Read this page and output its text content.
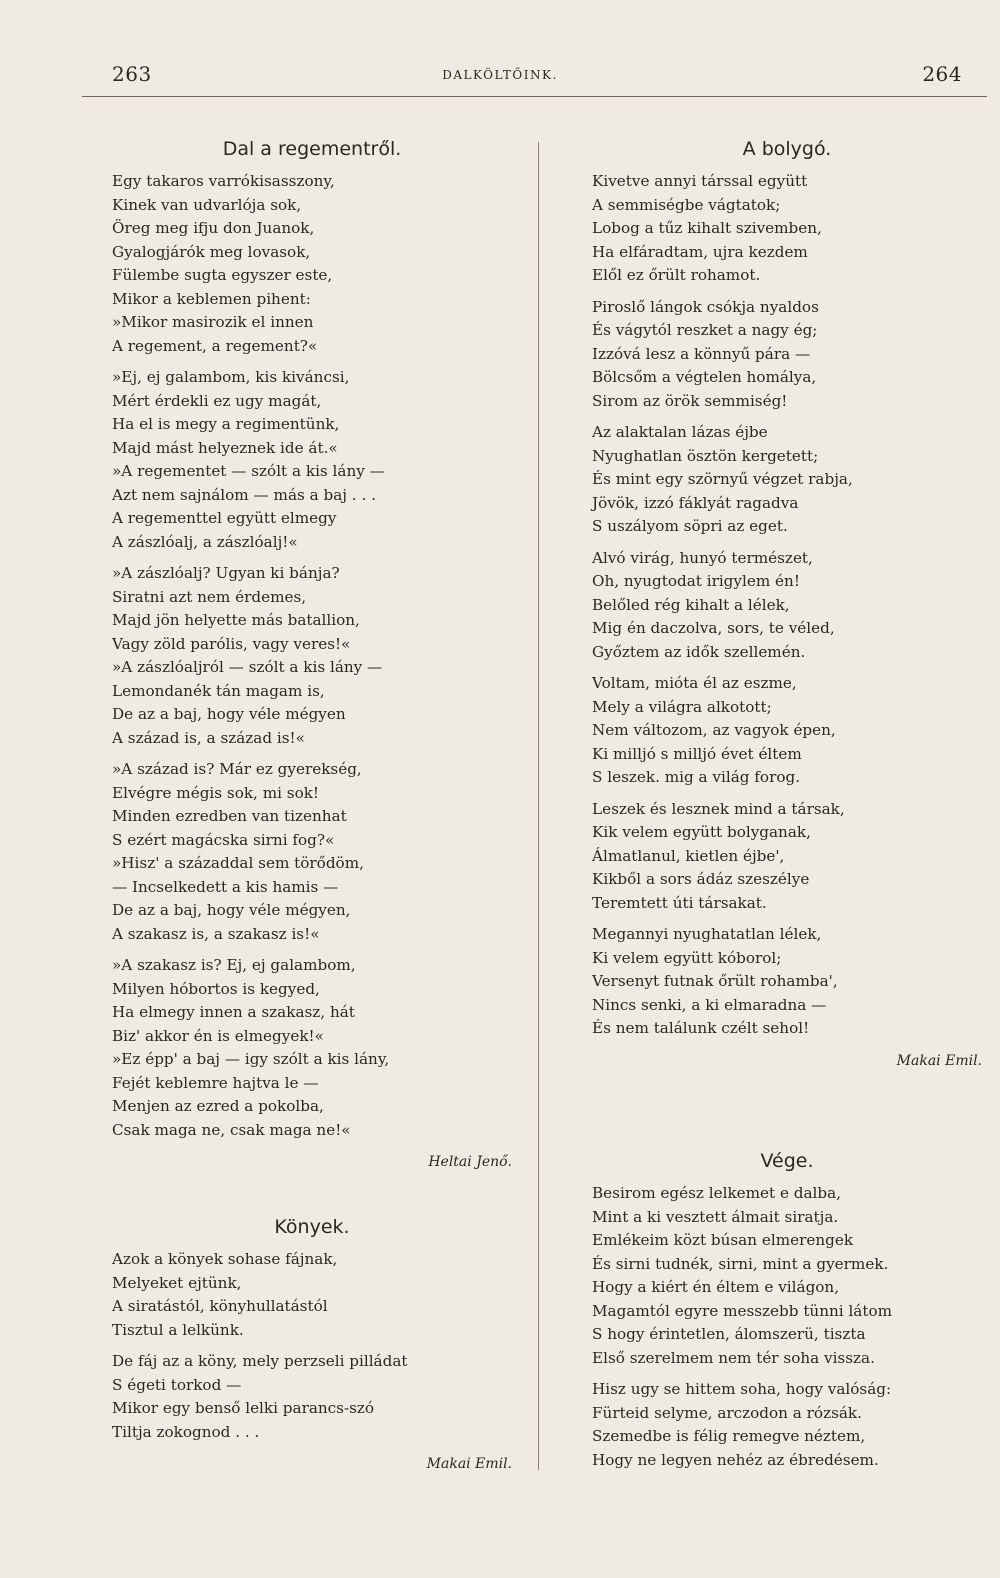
263	DALKÖLTŐINK.	264
Dal a regementről.
Egy takaros varrókisasszony,
Kinek van udvarlója sok,
Öreg meg ifju don Juanok,
Gyalogjárók meg lovasok,
Fülembe sugta egyszer este,
Mikor a keblemen pihent:
»Mikor masirozik el innen
A regement, a regement?«
»Ej, ej galambom, kis kiváncsi,
Mért érdekli ez ugy magát,
Ha el is megy a regimentünk,
Majd mást helyeznek ide át.«
»A regementet — szólt a kis lány —
Azt nem sajnálom — más a baj . . .
A regementtel együtt elmegy
A zászlóalj, a zászlóalj!«
»A zászlóalj? Ugyan ki bánja?
Siratni azt nem érdemes,
Majd jön helyette más batallion,
Vagy zöld parólis, vagy veres!«
»A zászlóaljról — szólt a kis lány —
Lemondanék tán magam is,
De az a baj, hogy véle mégyen
A század is, a század is!«
»A század is? Már ez gyerekség,
Elvégre mégis sok, mi sok!
Minden ezredben van tizenhat
S ezért magácska sirni fog?«
»Hisz' a századdal sem törődöm,
— Incselkedett a kis hamis —
De az a baj, hogy véle mégyen,
A szakasz is, a szakasz is!«
»A szakasz is? Ej, ej galambom,
Milyen hóbortos is kegyed,
Ha elmegy innen a szakasz, hát
Biz' akkor én is elmegyek!«
»Ez épp' a baj — igy szólt a kis lány,
Fejét keblemre hajtva le —
Menjen az ezred a pokolba,
Csak maga ne, csak maga ne!«
Heltai Jenő.
Könyek.
Azok a könyek sohase fájnak,
Melyeket ejtünk,
A siratástól, könyhullatástól
Tisztul a lelkünk.
De fáj az a köny, mely perzseli pilládat
S égeti torkod —
Mikor egy benső lelki parancs-szó
Tiltja zokognod . . .
Makai Emil.
A bolygó.
Kivetve annyi társsal együtt
A semmiségbe vágtatok;
Lobog a tűz kihalt szivemben,
Ha elfáradtam, ujra kezdem
Elől ez őrült rohamot.
Piroslő lángok csókja nyaldos
És vágytól reszket a nagy ég;
Izzóvá lesz a könnyű pára —
Bölcsőm a végtelen homálya,
Sirom az örök semmiség!
Az alaktalan lázas éjbe
Nyughatlan ösztön kergetett;
És mint egy szörnyű végzet rabja,
Jövök, izzó fáklyát ragadva
S uszályom söpri az eget.
Alvó virág, hunyó természet,
Oh, nyugtodat irigylem én!
Belőled rég kihalt a lélek,
Mig én daczolva, sors, te véled,
Győztem az idők szellemén.
Voltam, mióta él az eszme,
Mely a világra alkotott;
Nem változom, az vagyok épen,
Ki milljó s milljó évet éltem
S leszek. mig a világ forog.
Leszek és lesznek mind a társak,
Kik velem együtt bolyganak,
Álmatlanul, kietlen éjbe',
Kikből a sors ádáz szeszélye
Teremtett úti társakat.
Megannyi nyughatatlan lélek,
Ki velem együtt kóborol;
Versenyt futnak őrült rohamba',
Nincs senki, a ki elmaradna —
És nem találunk czélt sehol!
Makai Emil.
Vége.
Besirom egész lelkemet e dalba,
Mint a ki vesztett álmait siratja.
Emlékeim közt búsan elmerengek
És sirni tudnék, sirni, mint a gyermek.
Hogy a kiért én éltem e világon,
Magamtól egyre messzebb tünni látom
S hogy érintetlen, álomszerü, tiszta
Első szerelmem nem tér soha vissza.
Hisz ugy se hittem soha, hogy valóság:
Fürteid selyme, arczodon a rózsák.
Szemedbe is félig remegve néztem,
Hogy ne legyen nehéz az ébredésem.
